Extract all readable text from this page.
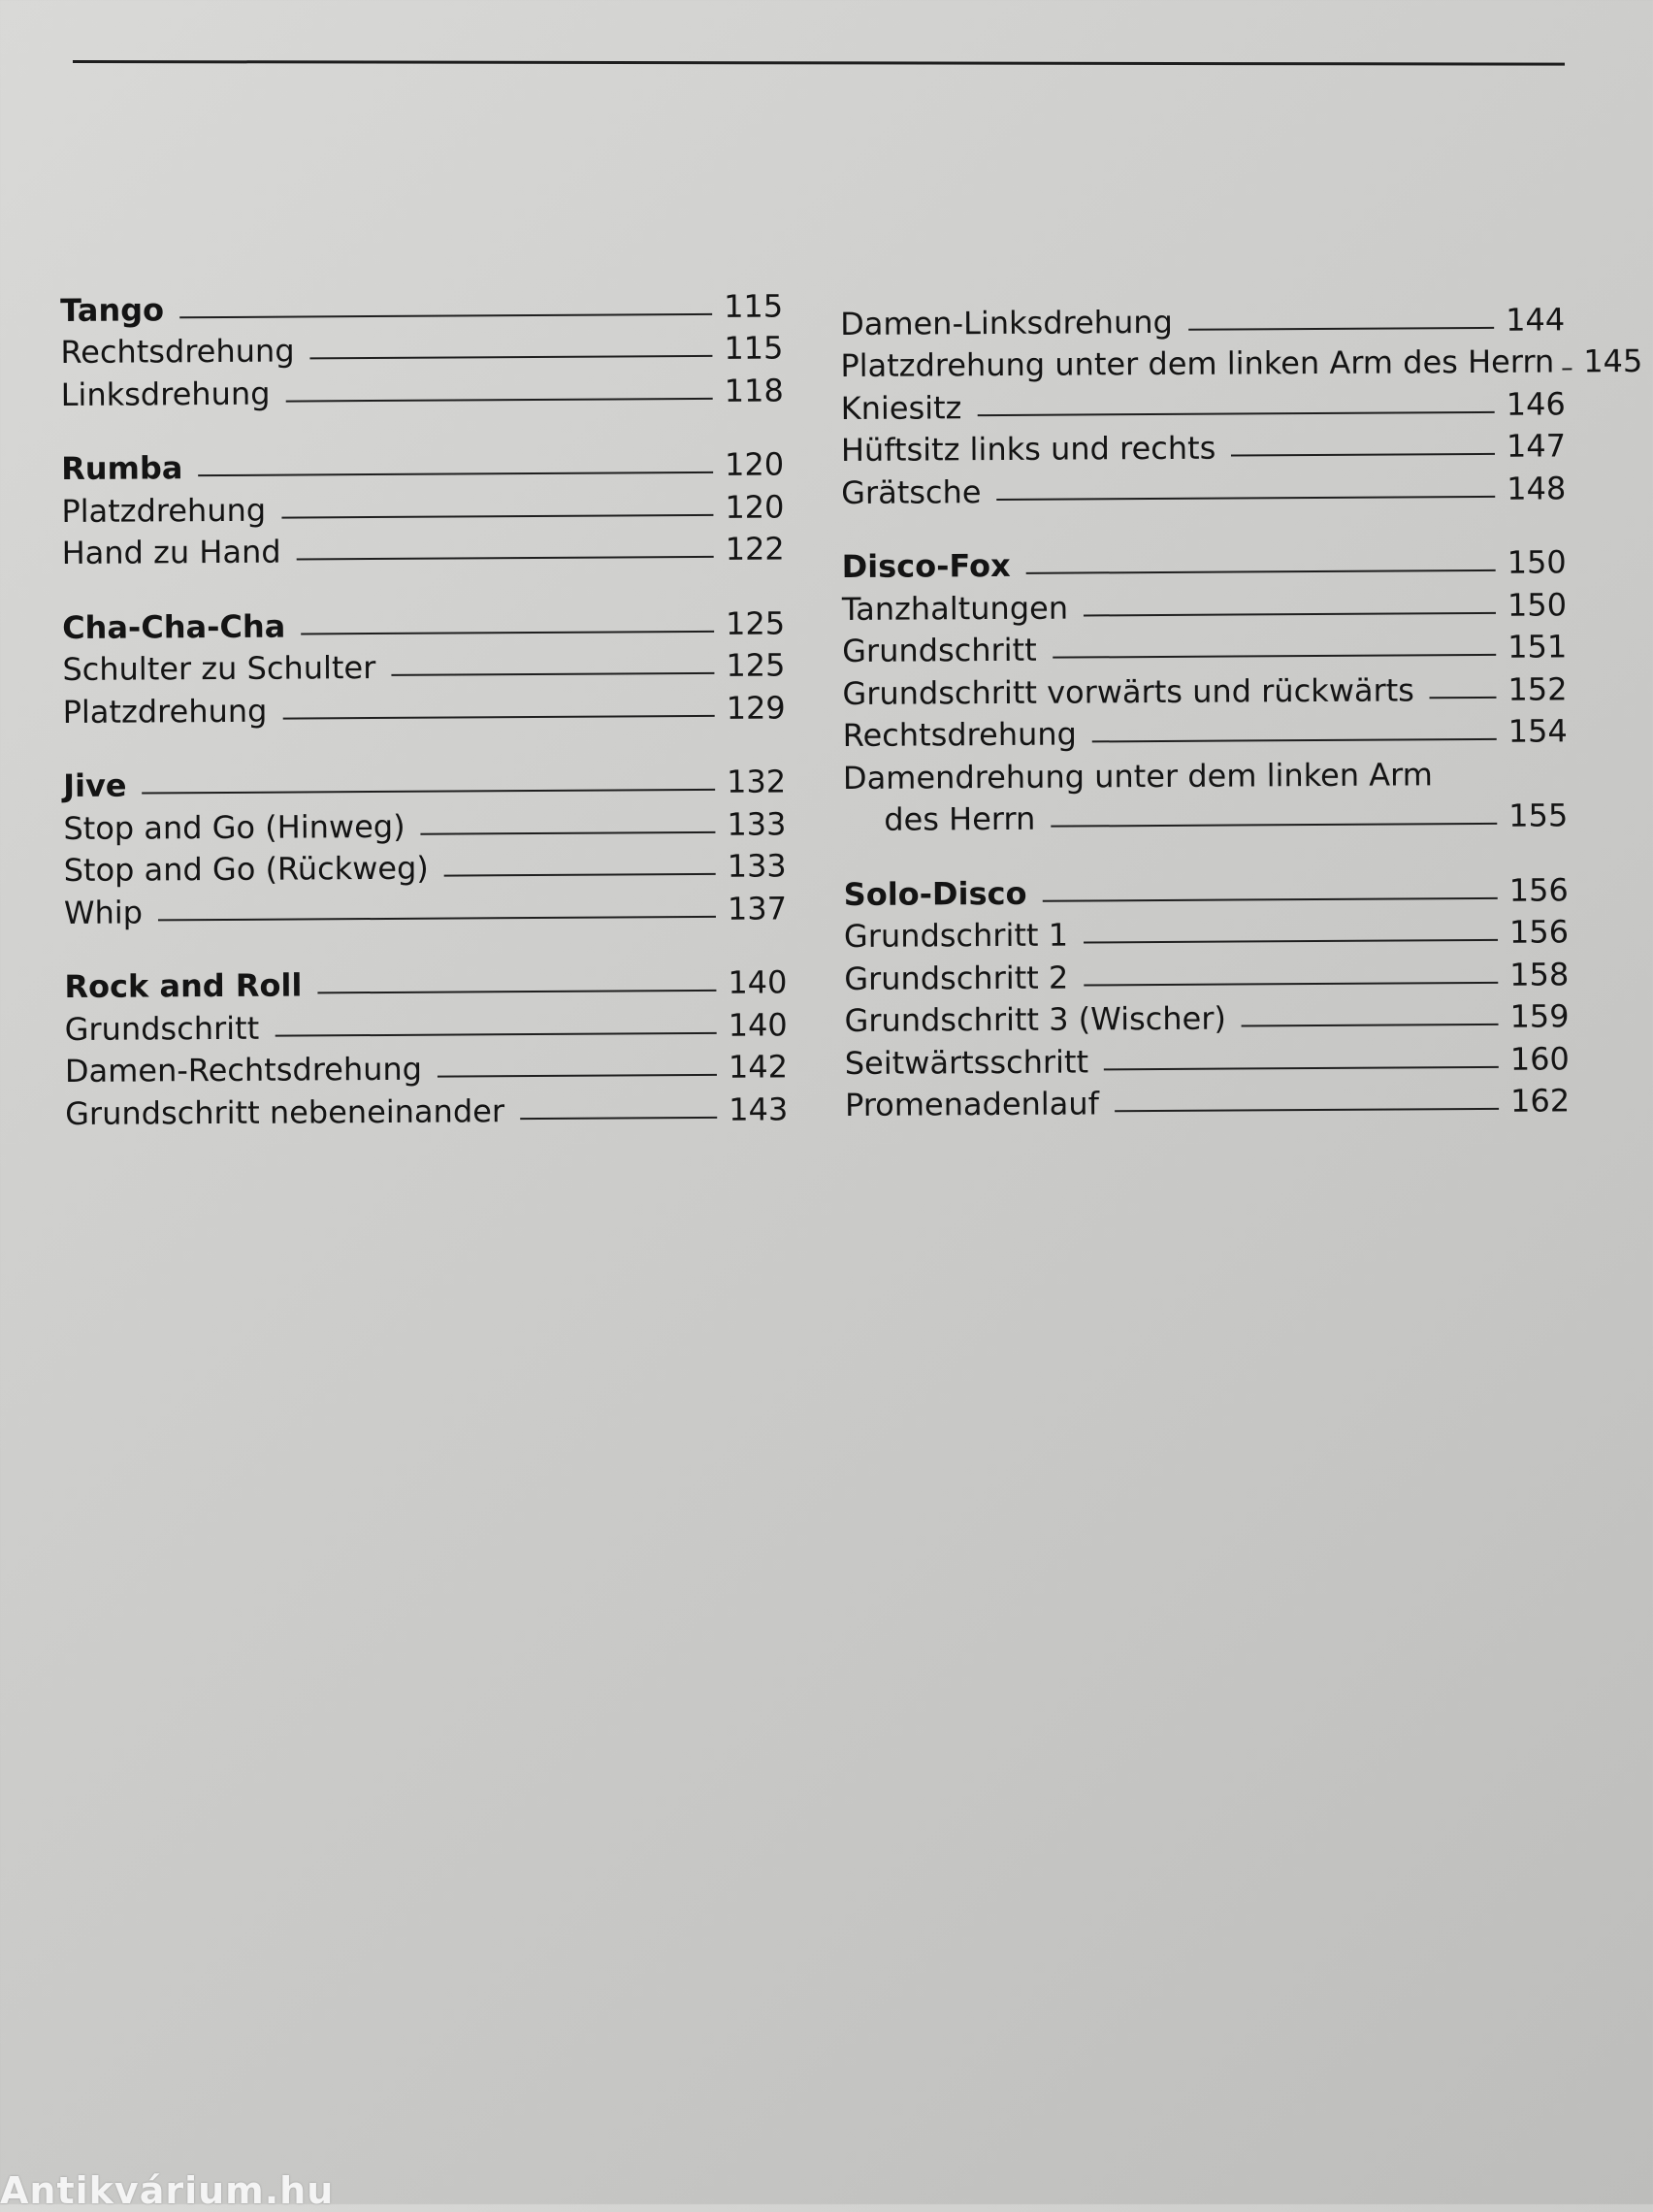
Tango	115
Rechtsdrehung	115
Linksdrehung	118
Rumba	120
Platzdrehung	120
Hand zu Hand	122
Cha-Cha-Cha	125
Schulter zu Schulter	125
Platzdrehung	129
Jive	132
Stop and Go (Hinweg)	133
Stop and Go (Rückweg)	133
Whip	137
Rock and Roll	140
Grundschritt	140
Damen-Rechtsdrehung	142
Grundschritt nebeneinander	143
Damen-Linksdrehung	144
Platzdrehung unter dem linken Arm des Herrn 145
Kniesitz	146
Hüftsitz links und rechts	147
Grätsche	148
Disco-Fox	150
Tanzhaltungen	150
Grundschritt	151
Grundschritt vorwärts und rückwärts	152
Rechtsdrehung	154
Damendrehung unter dem linken Arm
des Herrn	155
Solo-Disco	156
Grundschritt 1	156
Grundschritt 2	158
Grundschritt 3 (Wischer)	159
Seitwärtsschritt	160
Promenadenlauf	162
Antikvárium.hu
